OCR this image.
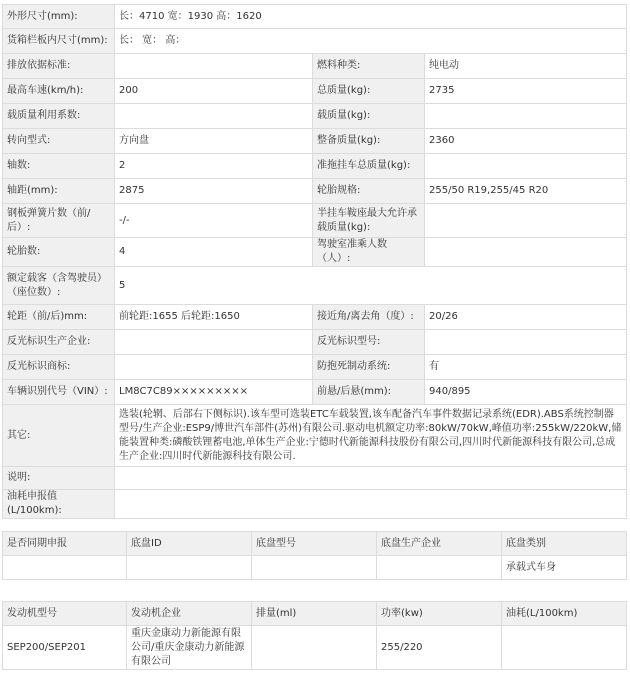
外形尺寸(mm):	长：4710 宽：1930 高：1620		
货箱栏板内尺寸(mm):	长： 宽： 高：		
排放依据标准:		燃料种类:	纯电动
最高车速(km/h):	200	总质量(kg):	2735
载质量利用系数:		载质量(kg):	
转向型式:	方向盘	整备质量(kg):	2360
轴数:	2	准拖挂车总质量(kg):	
轴距(mm):	2875	轮胎规格:	255/50 R19,255/45 R20
钢板弹簧片数（前/后）:	-/-	半挂车鞍座最大允许承载质量(kg):	
轮胎数:	4	驾驶室准乘人数（人）:	
额定载客（含驾驶员）（座位数）:	5		
轮距（前/后)mm:	前轮距:1655 后轮距:1650	接近角/离去角（度）:	20/26
反光标识生产企业:		反光标识型号:	
反光标识商标:		防抱死制动系统:	有
车辆识别代号（VIN）:	LM8C7C89×××××××××	前悬/后悬(mm):	940/895
其它:	选装(轮辋、后部右下侧标识).该车型可选装ETC车载装置,该车配备汽车事件数据记录系统(EDR).ABS系统控制器型号/生产企业:ESP9/博世汽车部件(苏州)有限公司.驱动电机额定功率:80kW/70kW,峰值功率:255kW/220kW,储能装置种类:磷酸铁锂蓄电池,单体生产企业:宁德时代新能源科技股份有限公司,四川时代新能源科技有限公司,总成生产企业:四川时代新能源科技有限公司.		
说明:			
油耗申报值(L/100km):			
是否同期申报	底盘ID	底盘型号	底盘生产企业	底盘类别
				承载式车身
发动机型号	发动机企业	排量(ml)	功率(kw)	油耗(L/100km)
SEP200/SEP201	重庆金康动力新能源有限公司/重庆金康动力新能源有限公司		255/220	
